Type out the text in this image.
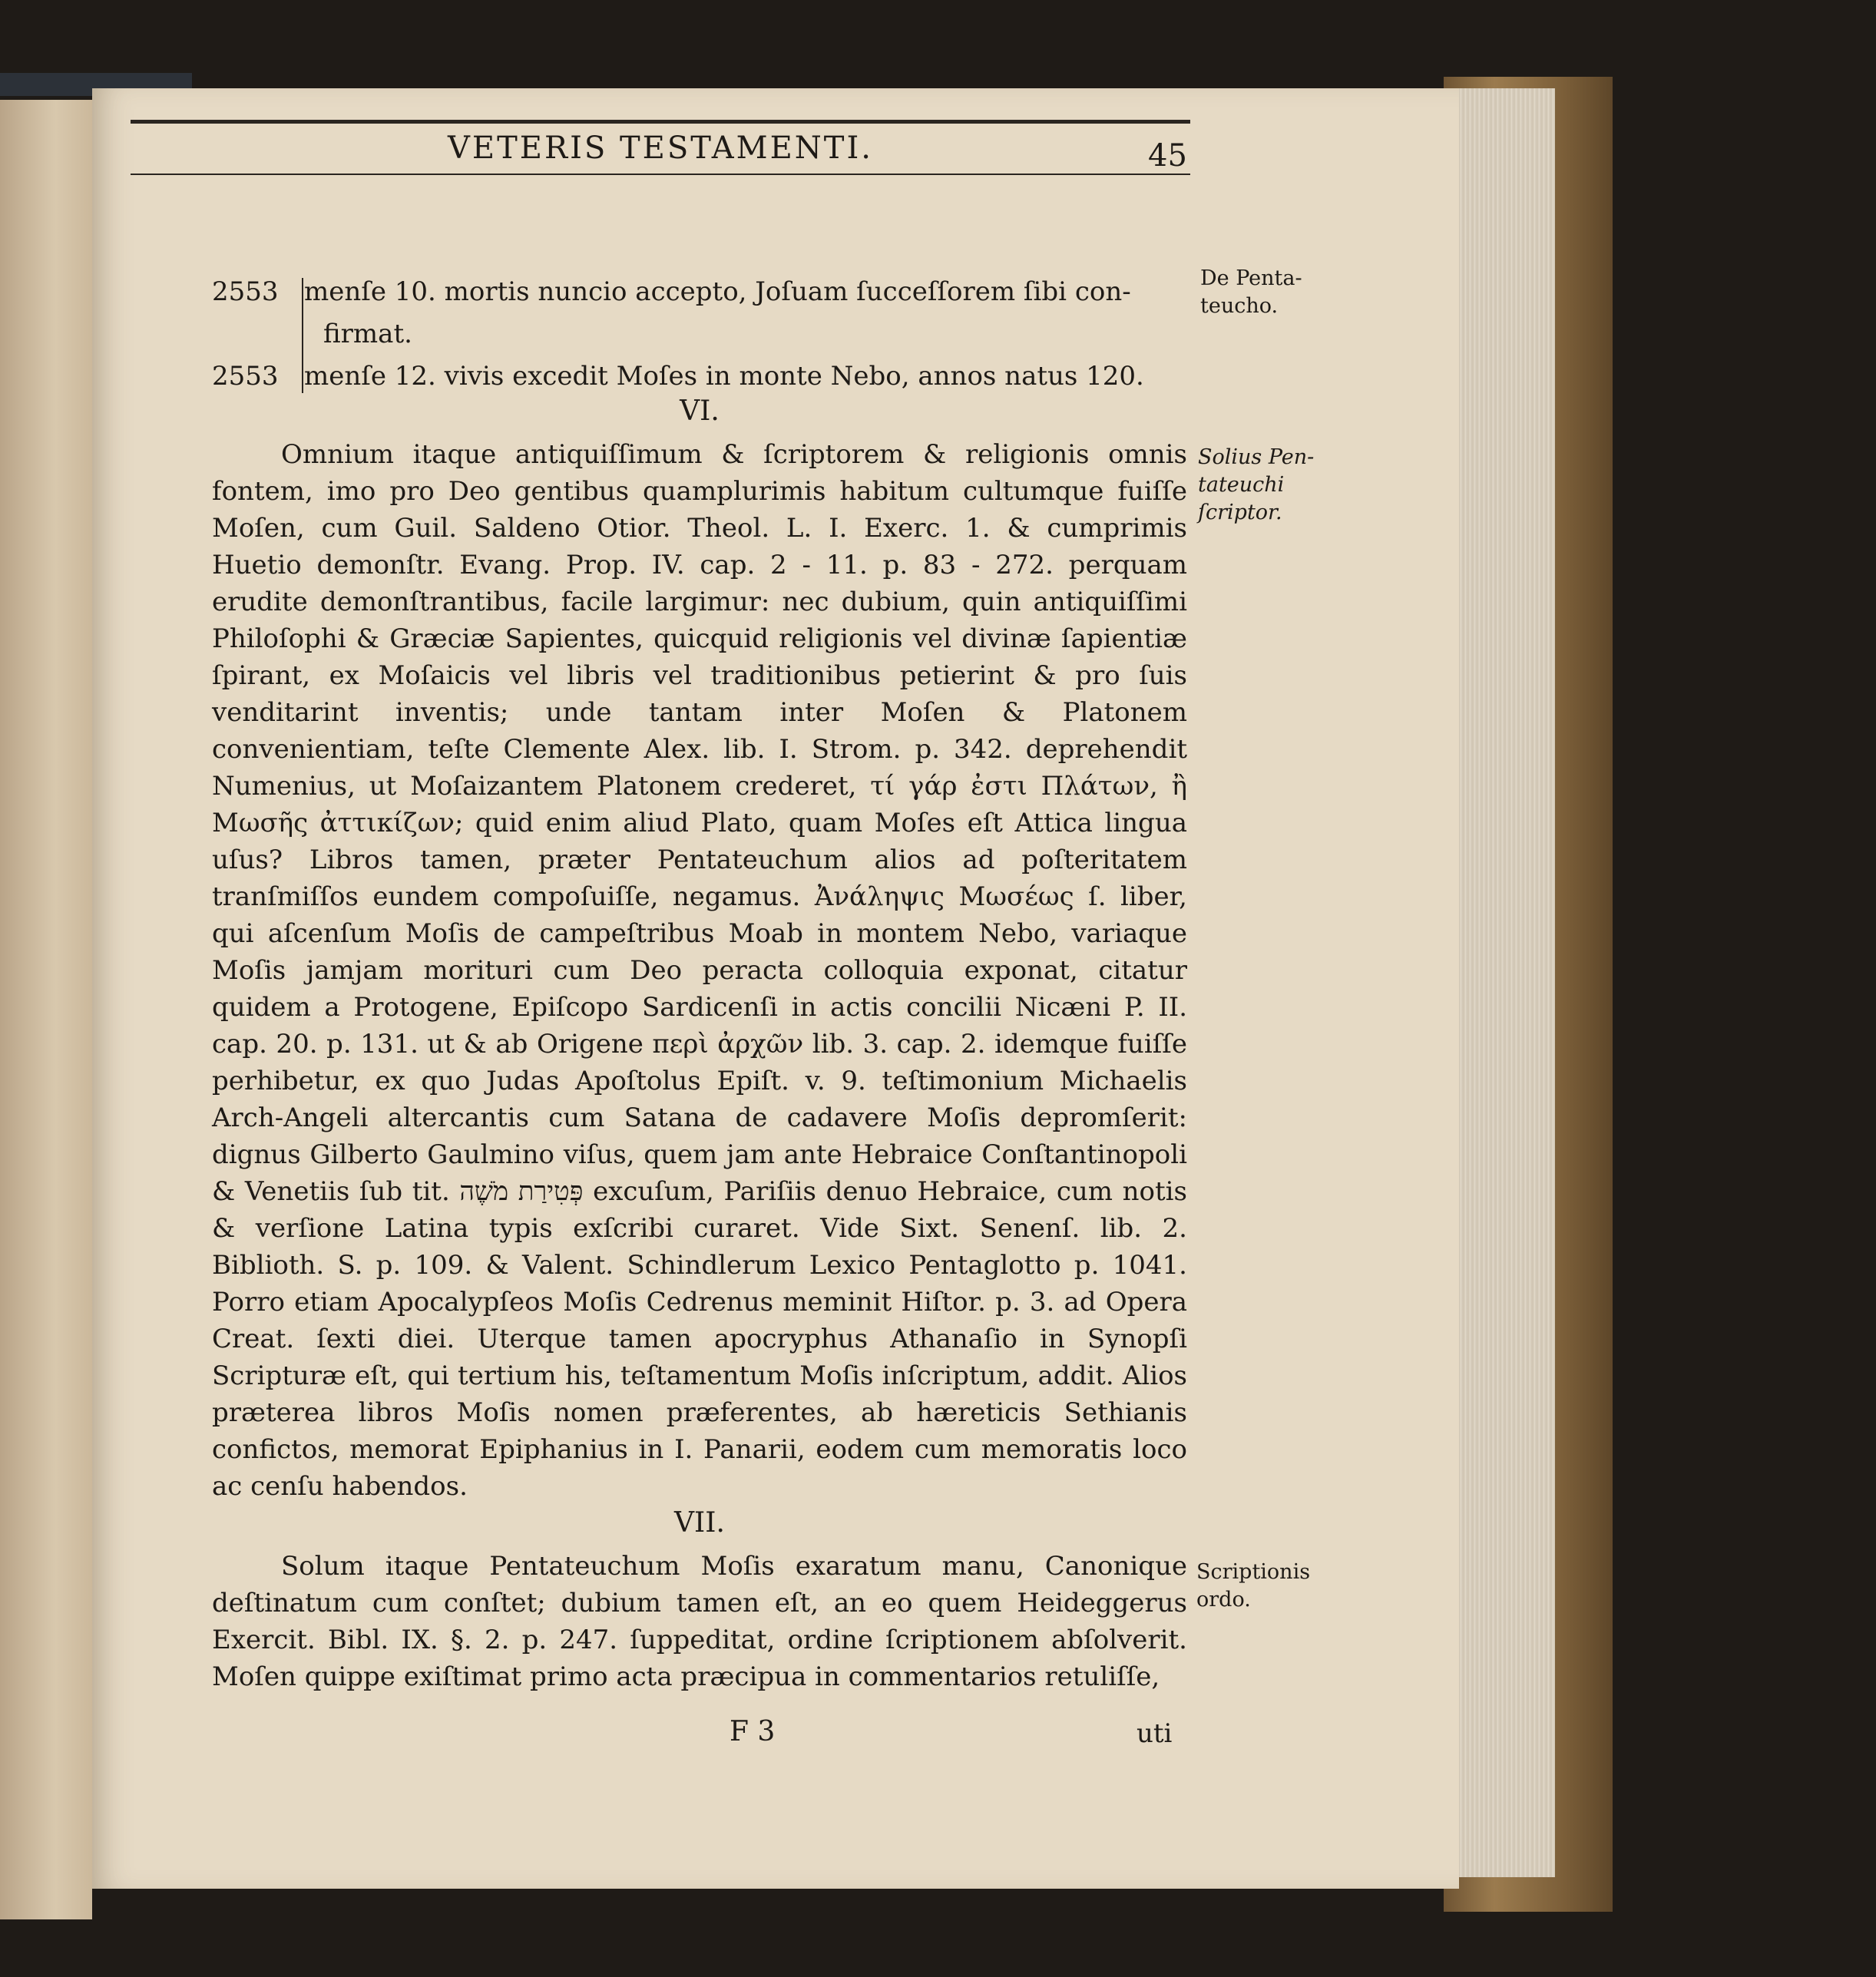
VETERIS TESTAMENTI.	45
2553 menſe 10. mortis nuncio accepto, Joſuam ſucceſſorem ſibi con-
firmat.
2553 menſe 12. vivis excedit Moſes in monte Nebo, annos natus 120.
VI.

Omnium itaque antiquiſſimum & ſcriptorem & religionis omnis fontem, imo pro Deo gentibus quamplurimis habitum cultumque fuiſſe Moſen, cum Guil. Saldeno Otior. Theol. L. I. Exerc. 1. & cumprimis Huetio demonſtr. Evang. Prop. IV. cap. 2 - 11. p. 83 - 272. perquam erudite demonſtrantibus, facile largimur: nec dubium, quin antiquiſſimi Philoſophi & Græciæ Sapientes, quicquid religionis vel divinæ ſapientiæ ſpirant, ex Moſaicis vel libris vel traditionibus petierint & pro ſuis venditarint inventis; unde tantam inter Moſen & Platonem convenientiam, teſte Clemente Alex. lib. I. Strom. p. 342. deprehendit Numenius, ut Moſaizantem Platonem crederet, τί γάρ ἐστι Πλάτων, ἢ Μωσῆς ἀττικίζων; quid enim aliud Plato, quam Moſes eſt Attica lingua uſus? Libros tamen, præter Pentateuchum alios ad poſteritatem tranſmiſſos eundem compoſuiſſe, negamus. Ἀνάληψις Μωσέως ſ. liber, qui aſcenſum Moſis de campeſtribus Moab in montem Nebo, variaque Moſis jamjam morituri cum Deo peracta colloquia exponat, citatur quidem a Protogene, Epiſcopo Sardicenſi in actis concilii Nicæni P. II. cap. 20. p. 131. ut & ab Origene περὶ ἀρχῶν lib. 3. cap. 2. idemque fuiſſe perhibetur, ex quo Judas Apoſtolus Epiſt. v. 9. teſtimonium Michaelis Arch-Angeli altercantis cum Satana de cadavere Moſis depromſerit: dignus Gilberto Gaulmino viſus, quem jam ante Hebraice Conſtantinopoli & Venetiis ſub tit. פְּטִירַת מֹשֶׁה excuſum, Pariſiis denuo Hebraice, cum notis & verſione Latina typis exſcribi curaret. Vide Sixt. Senenſ. lib. 2. Biblioth. S. p. 109. & Valent. Schindlerum Lexico Pentaglotto p. 1041. Porro etiam Apocalypſeos Moſis Cedrenus meminit Hiſtor. p. 3. ad Opera Creat. ſexti diei. Uterque tamen apocryphus Athanaſio in Synopſi Scripturæ eſt, qui tertium his, teſtamentum Moſis inſcriptum, addit. Alios præterea libros Moſis nomen præferentes, ab hæreticis Sethianis confictos, memorat Epiphanius in I. Panarii, eodem cum memoratis loco ac cenſu habendos.

VII.

Solum itaque Pentateuchum Moſis exaratum manu, Canonique deſtinatum cum conſtet; dubium tamen eſt, an eo quem Heideggerus Exercit. Bibl. IX. §. 2. p. 247. ſuppeditat, ordine ſcriptionem abſolverit. Moſen quippe exiſtimat primo acta præcipua in commentarios retuliſſe,

De Penta-teucho.
Solius Pen-tateuchi ſcriptor.
Scriptionis ordo.
F 3	uti
